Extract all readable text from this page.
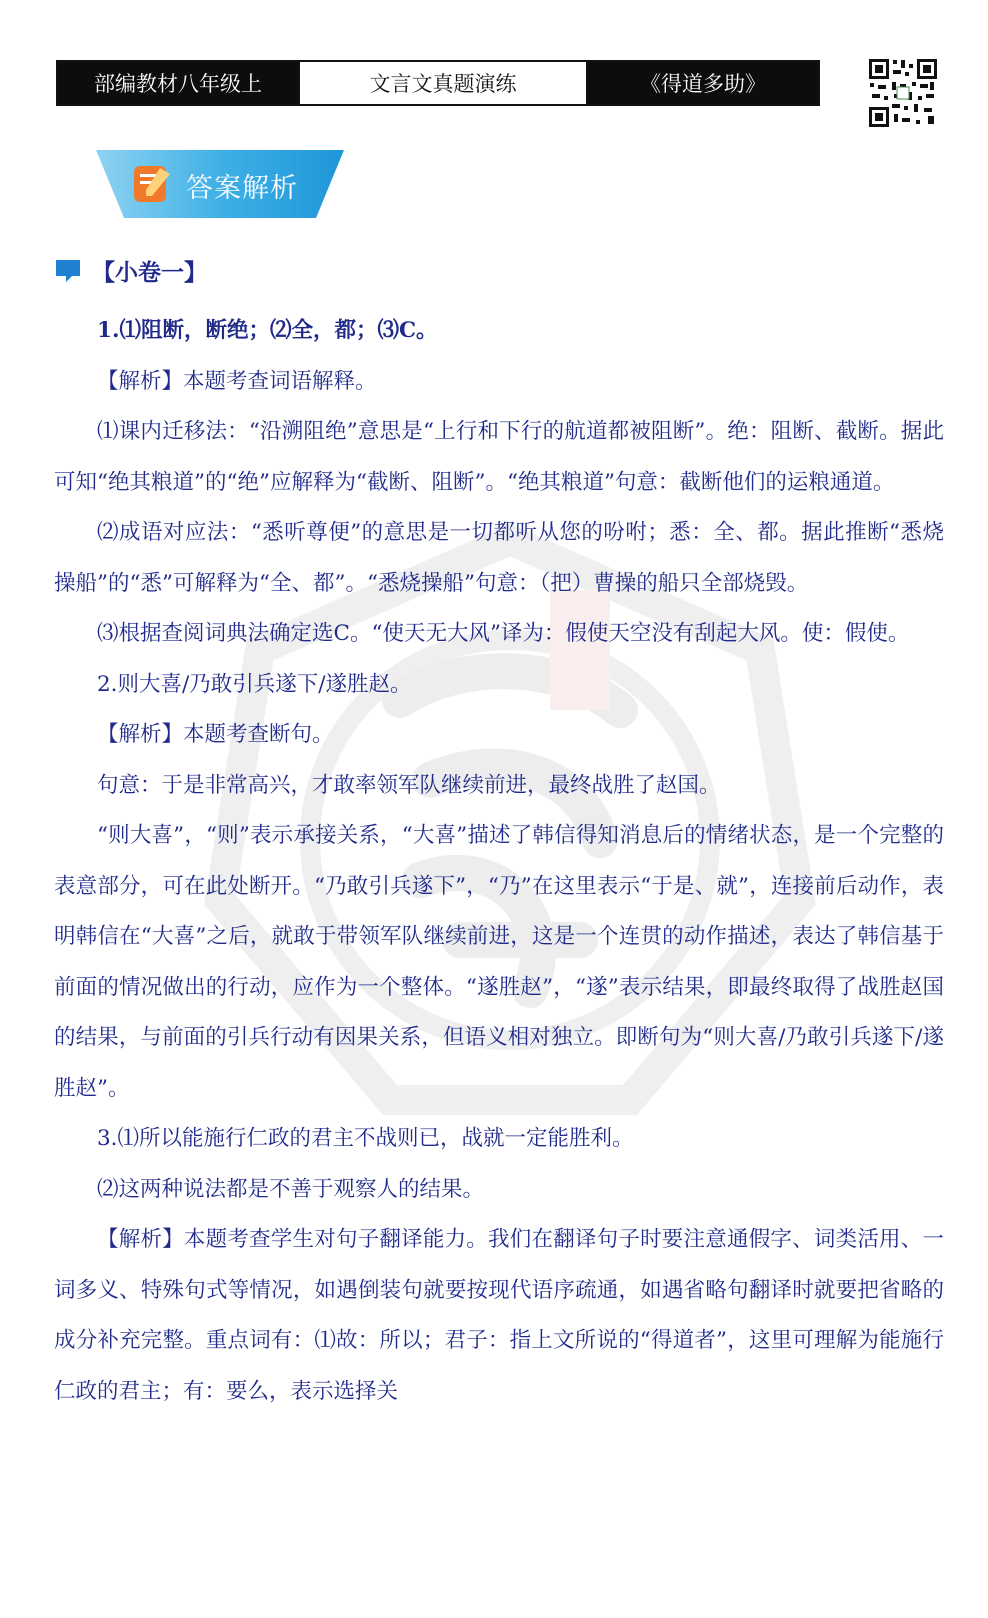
部编教材八年级上	文言文真题演练	《得道多助》
答案解析
【小卷一】

1.⑴阻断，断绝；⑵全，都；⑶C。

【解析】本题考查词语解释。

⑴课内迁移法：“沿溯阻绝”意思是“上行和下行的航道都被阻断”。绝：阻断、截断。据此可知“绝其粮道”的“绝”应解释为“截断、阻断”。“绝其粮道”句意：截断他们的运粮通道。

⑵成语对应法：“悉听尊便”的意思是一切都听从您的吩咐；悉：全、都。据此推断“悉烧操船”的“悉”可解释为“全、都”。“悉烧操船”句意：（把）曹操的船只全部烧毁。

⑶根据查阅词典法确定选C。“使天无大风”译为：假使天空没有刮起大风。使：假使。

2.则大喜/乃敢引兵遂下/遂胜赵。

【解析】本题考查断句。

句意：于是非常高兴，才敢率领军队继续前进，最终战胜了赵国。

“则大喜”，“则”表示承接关系，“大喜”描述了韩信得知消息后的情绪状态，是一个完整的表意部分，可在此处断开。“乃敢引兵遂下”，“乃”在这里表示“于是、就”，连接前后动作，表明韩信在“大喜”之后，就敢于带领军队继续前进，这是一个连贯的动作描述，表达了韩信基于前面的情况做出的行动，应作为一个整体。“遂胜赵”，“遂”表示结果，即最终取得了战胜赵国的结果，与前面的引兵行动有因果关系，但语义相对独立。即断句为“则大喜/乃敢引兵遂下/遂胜赵”。

3.⑴所以能施行仁政的君主不战则已，战就一定能胜利。

⑵这两种说法都是不善于观察人的结果。

【解析】本题考查学生对句子翻译能力。我们在翻译句子时要注意通假字、词类活用、一词多义、特殊句式等情况，如遇倒装句就要按现代语序疏通，如遇省略句翻译时就要把省略的成分补充完整。重点词有：⑴故：所以；君子：指上文所说的“得道者”，这里可理解为能施行仁政的君主；有：要么，表示选择关
